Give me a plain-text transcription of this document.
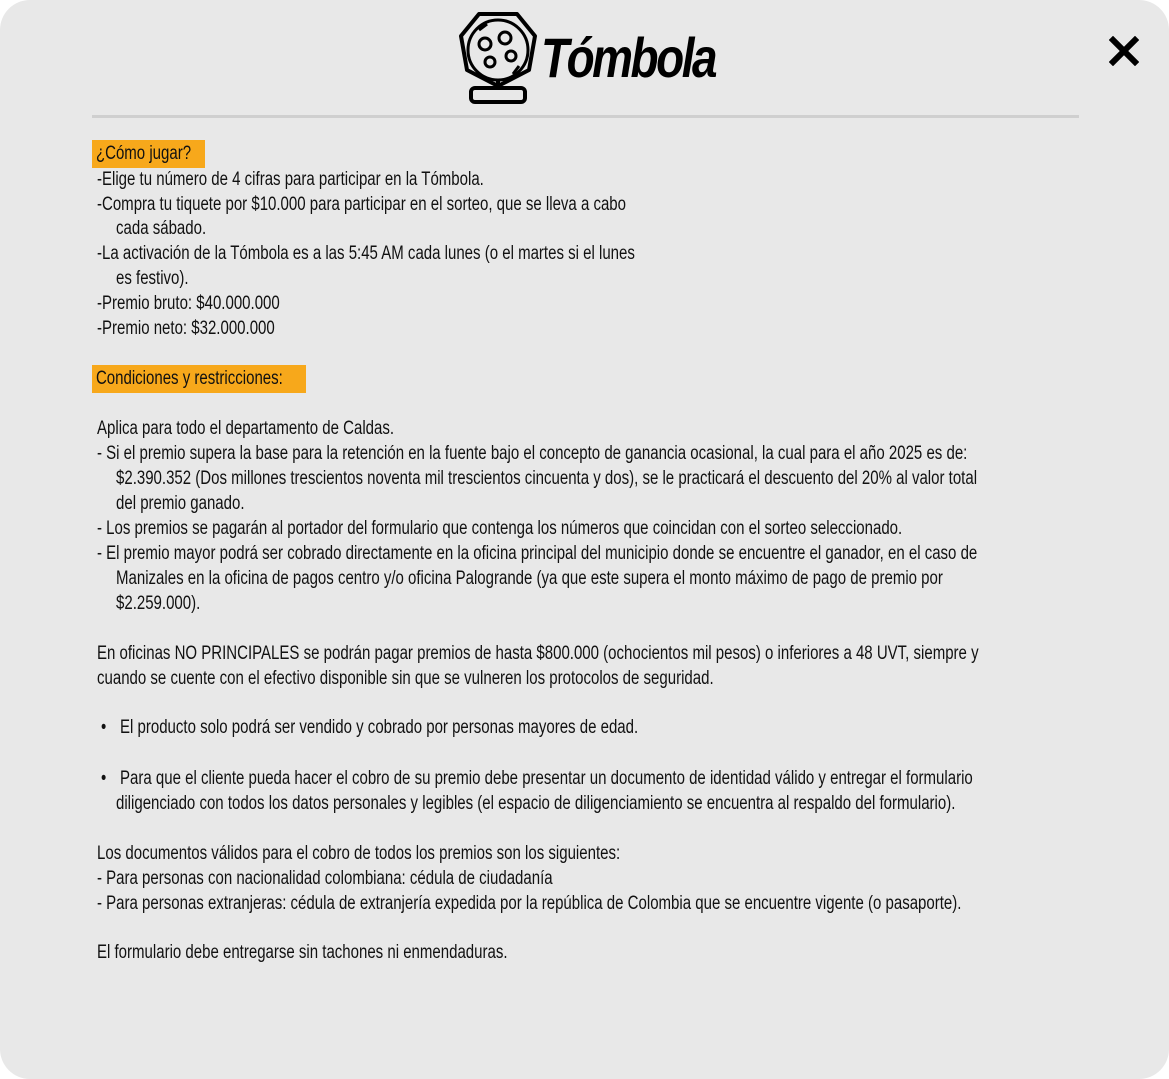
Tómbola
¿Cómo jugar?
-Elige tu número de 4 cifras para participar en la Tómbola.
-Compra tu tiquete por $10.000 para participar en el sorteo, que se lleva a cabo
cada sábado.
-La activación de la Tómbola es a las 5:45 AM cada lunes (o el martes si el lunes
es festivo).
-Premio bruto: $40.000.000
-Premio neto: $32.000.000
Condiciones y restricciones:
Aplica para todo el departamento de Caldas.
- Si el premio supera la base para la retención en la fuente bajo el concepto de ganancia ocasional, la cual para el año 2025 es de:
$2.390.352 (Dos millones trescientos noventa mil trescientos cincuenta y dos), se le practicará el descuento del 20% al valor total
del premio ganado.
- Los premios se pagarán al portador del formulario que contenga los números que coincidan con el sorteo seleccionado.
- El premio mayor podrá ser cobrado directamente en la oficina principal del municipio donde se encuentre el ganador, en el caso de
Manizales en la oficina de pagos centro y/o oficina Palogrande (ya que este supera el monto máximo de pago de premio por
$2.259.000).
En oficinas NO PRINCIPALES se podrán pagar premios de hasta $800.000 (ochocientos mil pesos) o inferiores a 48 UVT, siempre y
cuando se cuente con el efectivo disponible sin que se vulneren los protocolos de seguridad.
• El producto solo podrá ser vendido y cobrado por personas mayores de edad.
• Para que el cliente pueda hacer el cobro de su premio debe presentar un documento de identidad válido y entregar el formulario
diligenciado con todos los datos personales y legibles (el espacio de diligenciamiento se encuentra al respaldo del formulario).
Los documentos válidos para el cobro de todos los premios son los siguientes:
- Para personas con nacionalidad colombiana: cédula de ciudadanía
- Para personas extranjeras: cédula de extranjería expedida por la república de Colombia que se encuentre vigente (o pasaporte).
El formulario debe entregarse sin tachones ni enmendaduras.
